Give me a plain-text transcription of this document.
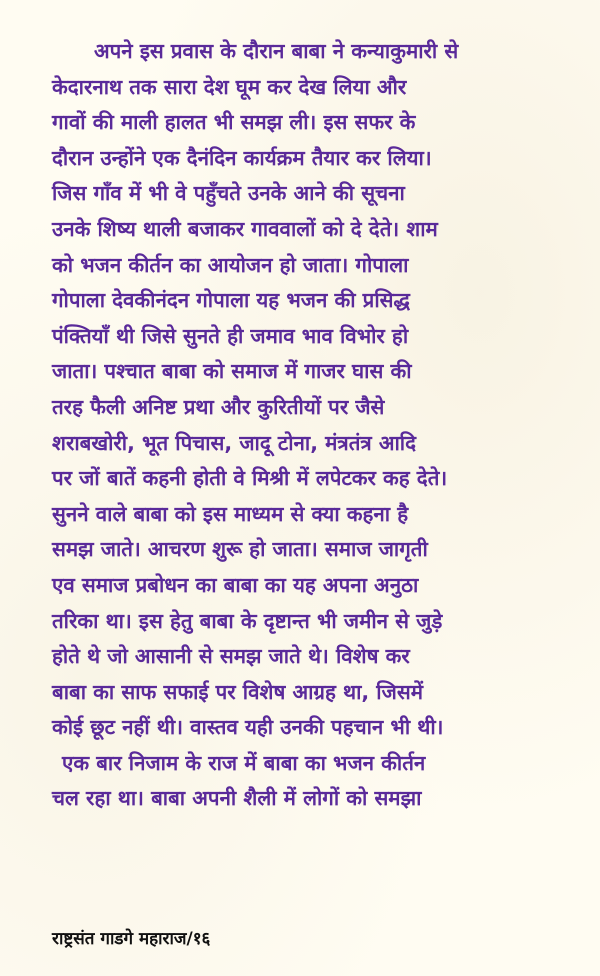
अपने इस प्रवास के दौरान बाबा ने कन्याकुमारी से
केदारनाथ तक सारा देश घूम कर देख लिया और
गावों की माली हालत भी समझ ली। इस सफर के
दौरान उन्होंने एक दैनंदिन कार्यक्रम तैयार कर लिया।
जिस गाँव में भी वे पहुँचते उनके आने की सूचना
उनके शिष्य थाली बजाकर गाववालों को दे देते। शाम
को भजन कीर्तन का आयोजन हो जाता। गोपाला
गोपाला देवकीनंदन गोपाला यह भजन की प्रसिद्ध
पंक्तियाँ थी जिसे सुनते ही जमाव भाव विभोर हो
जाता। पश्चात बाबा को समाज में गाजर घास की
तरह फैली अनिष्ट प्रथा और कुरितीयों पर जैसे
शराबखोरी, भूत पिचास, जादू टोना, मंत्रतंत्र आदि
पर जों बातें कहनी होती वे मिश्री में लपेटकर कह देते।
सुनने वाले बाबा को इस माध्यम से क्या कहना है
समझ जाते। आचरण शुरू हो जाता। समाज जागृती
एव समाज प्रबोधन का बाबा का यह अपना अनुठा
तरिका था। इस हेतु बाबा के दृष्टान्त भी जमीन से जुड़े
होते थे जो आसानी से समझ जाते थे। विशेष कर
बाबा का साफ सफाई पर विशेष आग्रह था, जिसमें
कोई छूट नहीं थी। वास्तव यही उनकी पहचान भी थी।
एक बार निजाम के राज में बाबा का भजन कीर्तन
चल रहा था। बाबा अपनी शैली में लोगों को समझा
राष्ट्रसंत गाडगे महाराज/१६
